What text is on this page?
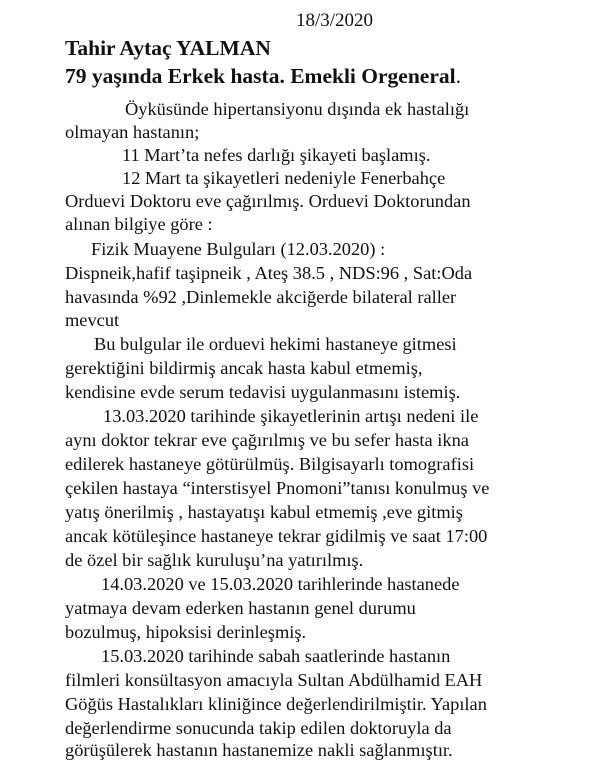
18/3/2020
Tahir Aytaç YALMAN
79 yaşında Erkek hasta. Emekli Orgeneral.
Öyküsünde hipertansiyonu dışında ek hastalığı
olmayan hastanın;
11 Mart’ta nefes darlığı şikayeti başlamış.
12 Mart ta şikayetleri nedeniyle Fenerbahçe
Orduevi Doktoru eve çağırılmış. Orduevi Doktorundan
alınan bilgiye göre :
Fizik Muayene Bulguları (12.03.2020) :
Dispneik,hafif taşipneik , Ateş 38.5 , NDS:96 , Sat:Oda
havasında %92 ,Dinlemekle akciğerde bilateral raller
mevcut
Bu bulgular ile orduevi hekimi hastaneye gitmesi
gerektiğini bildirmiş ancak hasta kabul etmemiş,
kendisine evde serum tedavisi uygulanmasını istemiş.
13.03.2020 tarihinde şikayetlerinin artışı nedeni ile
aynı doktor tekrar eve çağırılmış ve bu sefer hasta ikna
edilerek hastaneye götürülmüş. Bilgisayarlı tomografisi
çekilen hastaya “interstisyel Pnomoni”tanısı konulmuş ve
yatış önerilmiş , hastayatışı kabul etmemiş ,eve gitmiş
ancak kötüleşince hastaneye tekrar gidilmiş ve saat 17:00
de özel bir sağlık kuruluşu’na yatırılmış.
14.03.2020 ve 15.03.2020 tarihlerinde hastanede
yatmaya devam ederken hastanın genel durumu
bozulmuş, hipoksisi derinleşmiş.
15.03.2020 tarihinde sabah saatlerinde hastanın
filmleri konsültasyon amacıyla Sultan Abdülhamid EAH
Göğüs Hastalıkları kliniğince değerlendirilmiştir. Yapılan
değerlendirme sonucunda takip edilen doktoruyla da
görüşülerek hastanın hastanemize nakli sağlanmıştır.
